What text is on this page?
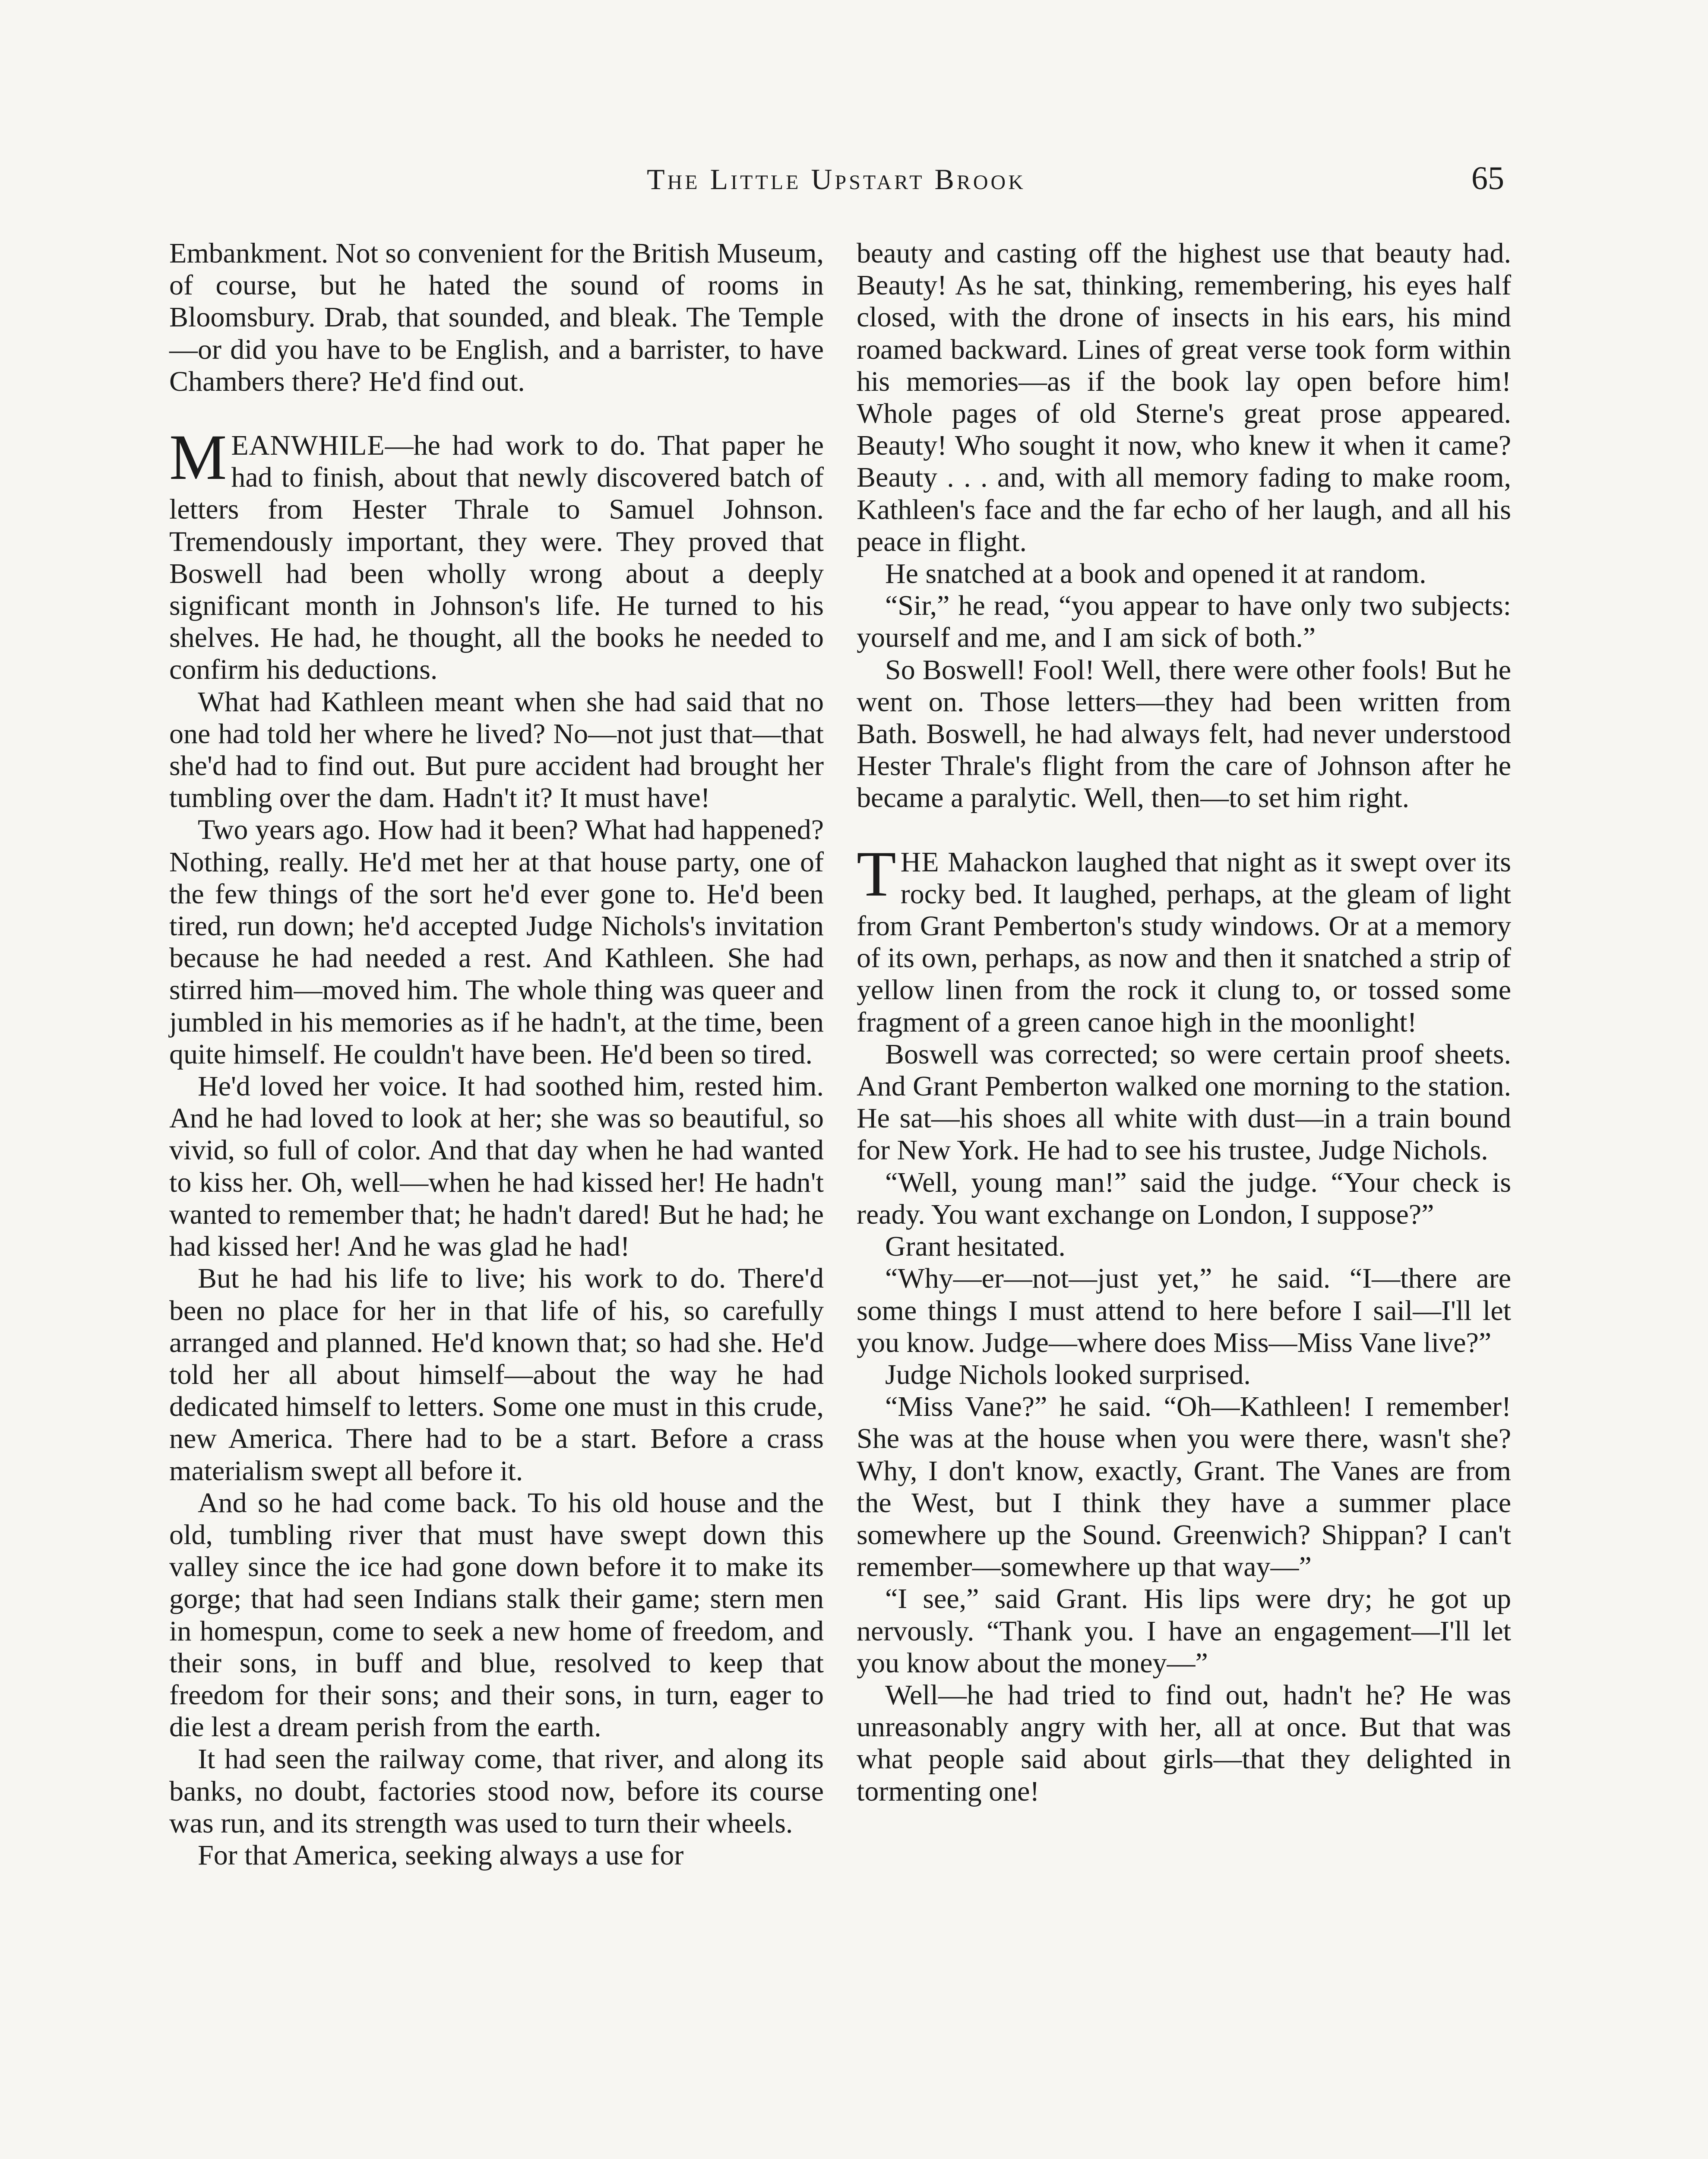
The Little Upstart Brook	65

Embankment. Not so convenient for the British Museum, of course, but he hated the sound of rooms in Bloomsbury. Drab, that sounded, and bleak. The Temple—or did you have to be English, and a barrister, to have Chambers there? He'd find out.

MEANWHILE—he had work to do. That paper he had to finish, about that newly discovered batch of letters from Hester Thrale to Samuel Johnson. Tremendously important, they were. They proved that Boswell had been wholly wrong about a deeply significant month in Johnson's life. He turned to his shelves. He had, he thought, all the books he needed to confirm his deductions.

What had Kathleen meant when she had said that no one had told her where he lived? No—not just that—that she'd had to find out. But pure accident had brought her tumbling over the dam. Hadn't it? It must have!

Two years ago. How had it been? What had happened? Nothing, really. He'd met her at that house party, one of the few things of the sort he'd ever gone to. He'd been tired, run down; he'd accepted Judge Nichols's invitation because he had needed a rest. And Kathleen. She had stirred him—moved him. The whole thing was queer and jumbled in his memories as if he hadn't, at the time, been quite himself. He couldn't have been. He'd been so tired.

He'd loved her voice. It had soothed him, rested him. And he had loved to look at her; she was so beautiful, so vivid, so full of color. And that day when he had wanted to kiss her. Oh, well—when he had kissed her! He hadn't wanted to remember that; he hadn't dared! But he had; he had kissed her! And he was glad he had!

But he had his life to live; his work to do. There'd been no place for her in that life of his, so carefully arranged and planned. He'd known that; so had she. He'd told her all about himself—about the way he had dedicated himself to letters. Some one must in this crude, new America. There had to be a start. Before a crass materialism swept all before it.

And so he had come back. To his old house and the old, tumbling river that must have swept down this valley since the ice had gone down before it to make its gorge; that had seen Indians stalk their game; stern men in homespun, come to seek a new home of freedom, and their sons, in buff and blue, resolved to keep that freedom for their sons; and their sons, in turn, eager to die lest a dream perish from the earth.

It had seen the railway come, that river, and along its banks, no doubt, factories stood now, before its course was run, and its strength was used to turn their wheels.

For that America, seeking always a use for

beauty and casting off the highest use that beauty had. Beauty! As he sat, thinking, remembering, his eyes half closed, with the drone of insects in his ears, his mind roamed backward. Lines of great verse took form within his memories—as if the book lay open before him! Whole pages of old Sterne's great prose appeared. Beauty! Who sought it now, who knew it when it came? Beauty . . . and, with all memory fading to make room, Kathleen's face and the far echo of her laugh, and all his peace in flight.

He snatched at a book and opened it at random.

“Sir,” he read, “you appear to have only two subjects: yourself and me, and I am sick of both.”

So Boswell! Fool! Well, there were other fools! But he went on. Those letters—they had been written from Bath. Boswell, he had always felt, had never understood Hester Thrale's flight from the care of Johnson after he became a paralytic. Well, then—to set him right.

THE Mahackon laughed that night as it swept over its rocky bed. It laughed, perhaps, at the gleam of light from Grant Pemberton's study windows. Or at a memory of its own, perhaps, as now and then it snatched a strip of yellow linen from the rock it clung to, or tossed some fragment of a green canoe high in the moonlight!

Boswell was corrected; so were certain proof sheets. And Grant Pemberton walked one morning to the station. He sat—his shoes all white with dust—in a train bound for New York. He had to see his trustee, Judge Nichols.

“Well, young man!” said the judge. “Your check is ready. You want exchange on London, I suppose?”

Grant hesitated.

“Why—er—not—just yet,” he said. “I—there are some things I must attend to here before I sail—I'll let you know. Judge—where does Miss—Miss Vane live?”

Judge Nichols looked surprised.

“Miss Vane?” he said. “Oh—Kathleen! I remember! She was at the house when you were there, wasn't she? Why, I don't know, exactly, Grant. The Vanes are from the West, but I think they have a summer place somewhere up the Sound. Greenwich? Shippan? I can't remember—somewhere up that way—”

“I see,” said Grant. His lips were dry; he got up nervously. “Thank you. I have an engagement—I'll let you know about the money—”

Well—he had tried to find out, hadn't he? He was unreasonably angry with her, all at once. But that was what people said about girls—that they delighted in tormenting one!
